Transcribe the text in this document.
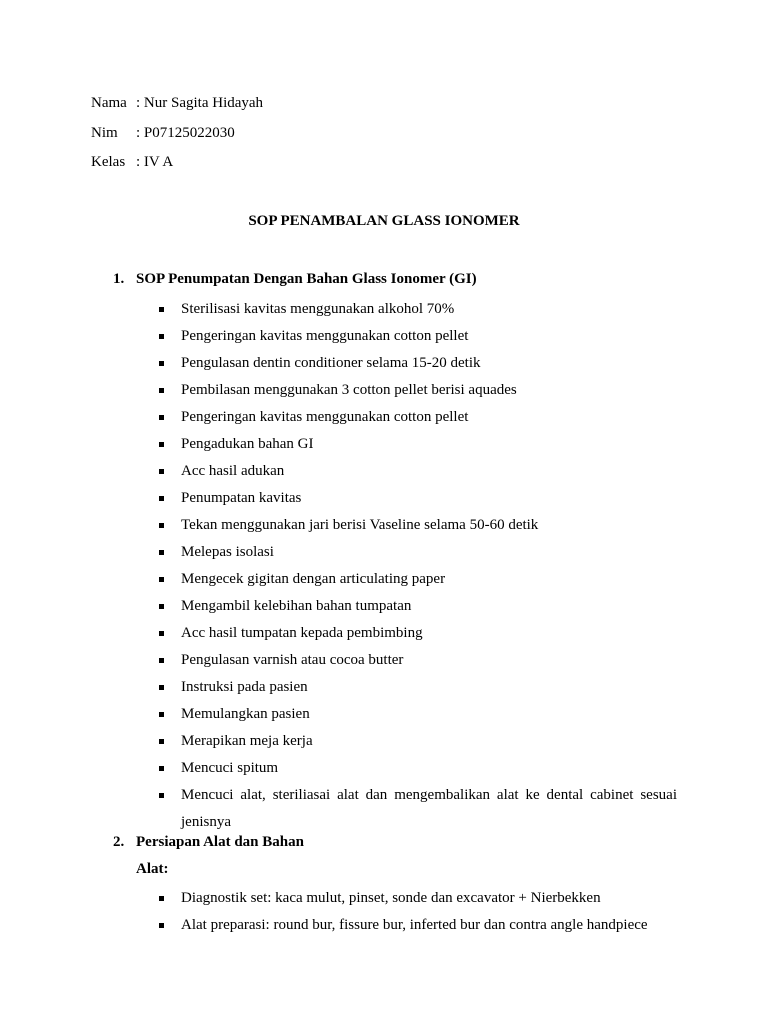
Nama : Nur Sagita Hidayah
Nim : P07125022030
Kelas : IV A
SOP PENAMBALAN GLASS IONOMER
1. SOP Penumpatan Dengan Bahan Glass Ionomer (GI)
Sterilisasi kavitas menggunakan alkohol 70%
Pengeringan kavitas menggunakan cotton pellet
Pengulasan dentin conditioner selama 15-20 detik
Pembilasan menggunakan 3 cotton pellet berisi aquades
Pengeringan kavitas menggunakan cotton pellet
Pengadukan bahan GI
Acc hasil adukan
Penumpatan kavitas
Tekan menggunakan jari berisi Vaseline selama 50-60 detik
Melepas isolasi
Mengecek gigitan dengan articulating paper
Mengambil kelebihan bahan tumpatan
Acc hasil tumpatan kepada pembimbing
Pengulasan varnish atau cocoa butter
Instruksi pada pasien
Memulangkan pasien
Merapikan meja kerja
Mencuci spitum
Mencuci alat, steriliasai alat dan mengembalikan alat ke dental cabinet sesuai jenisnya
2. Persiapan Alat dan Bahan
Alat:
Diagnostik set: kaca mulut, pinset, sonde dan excavator + Nierbekken
Alat preparasi: round bur, fissure bur, inferted bur dan contra angle handpiece
